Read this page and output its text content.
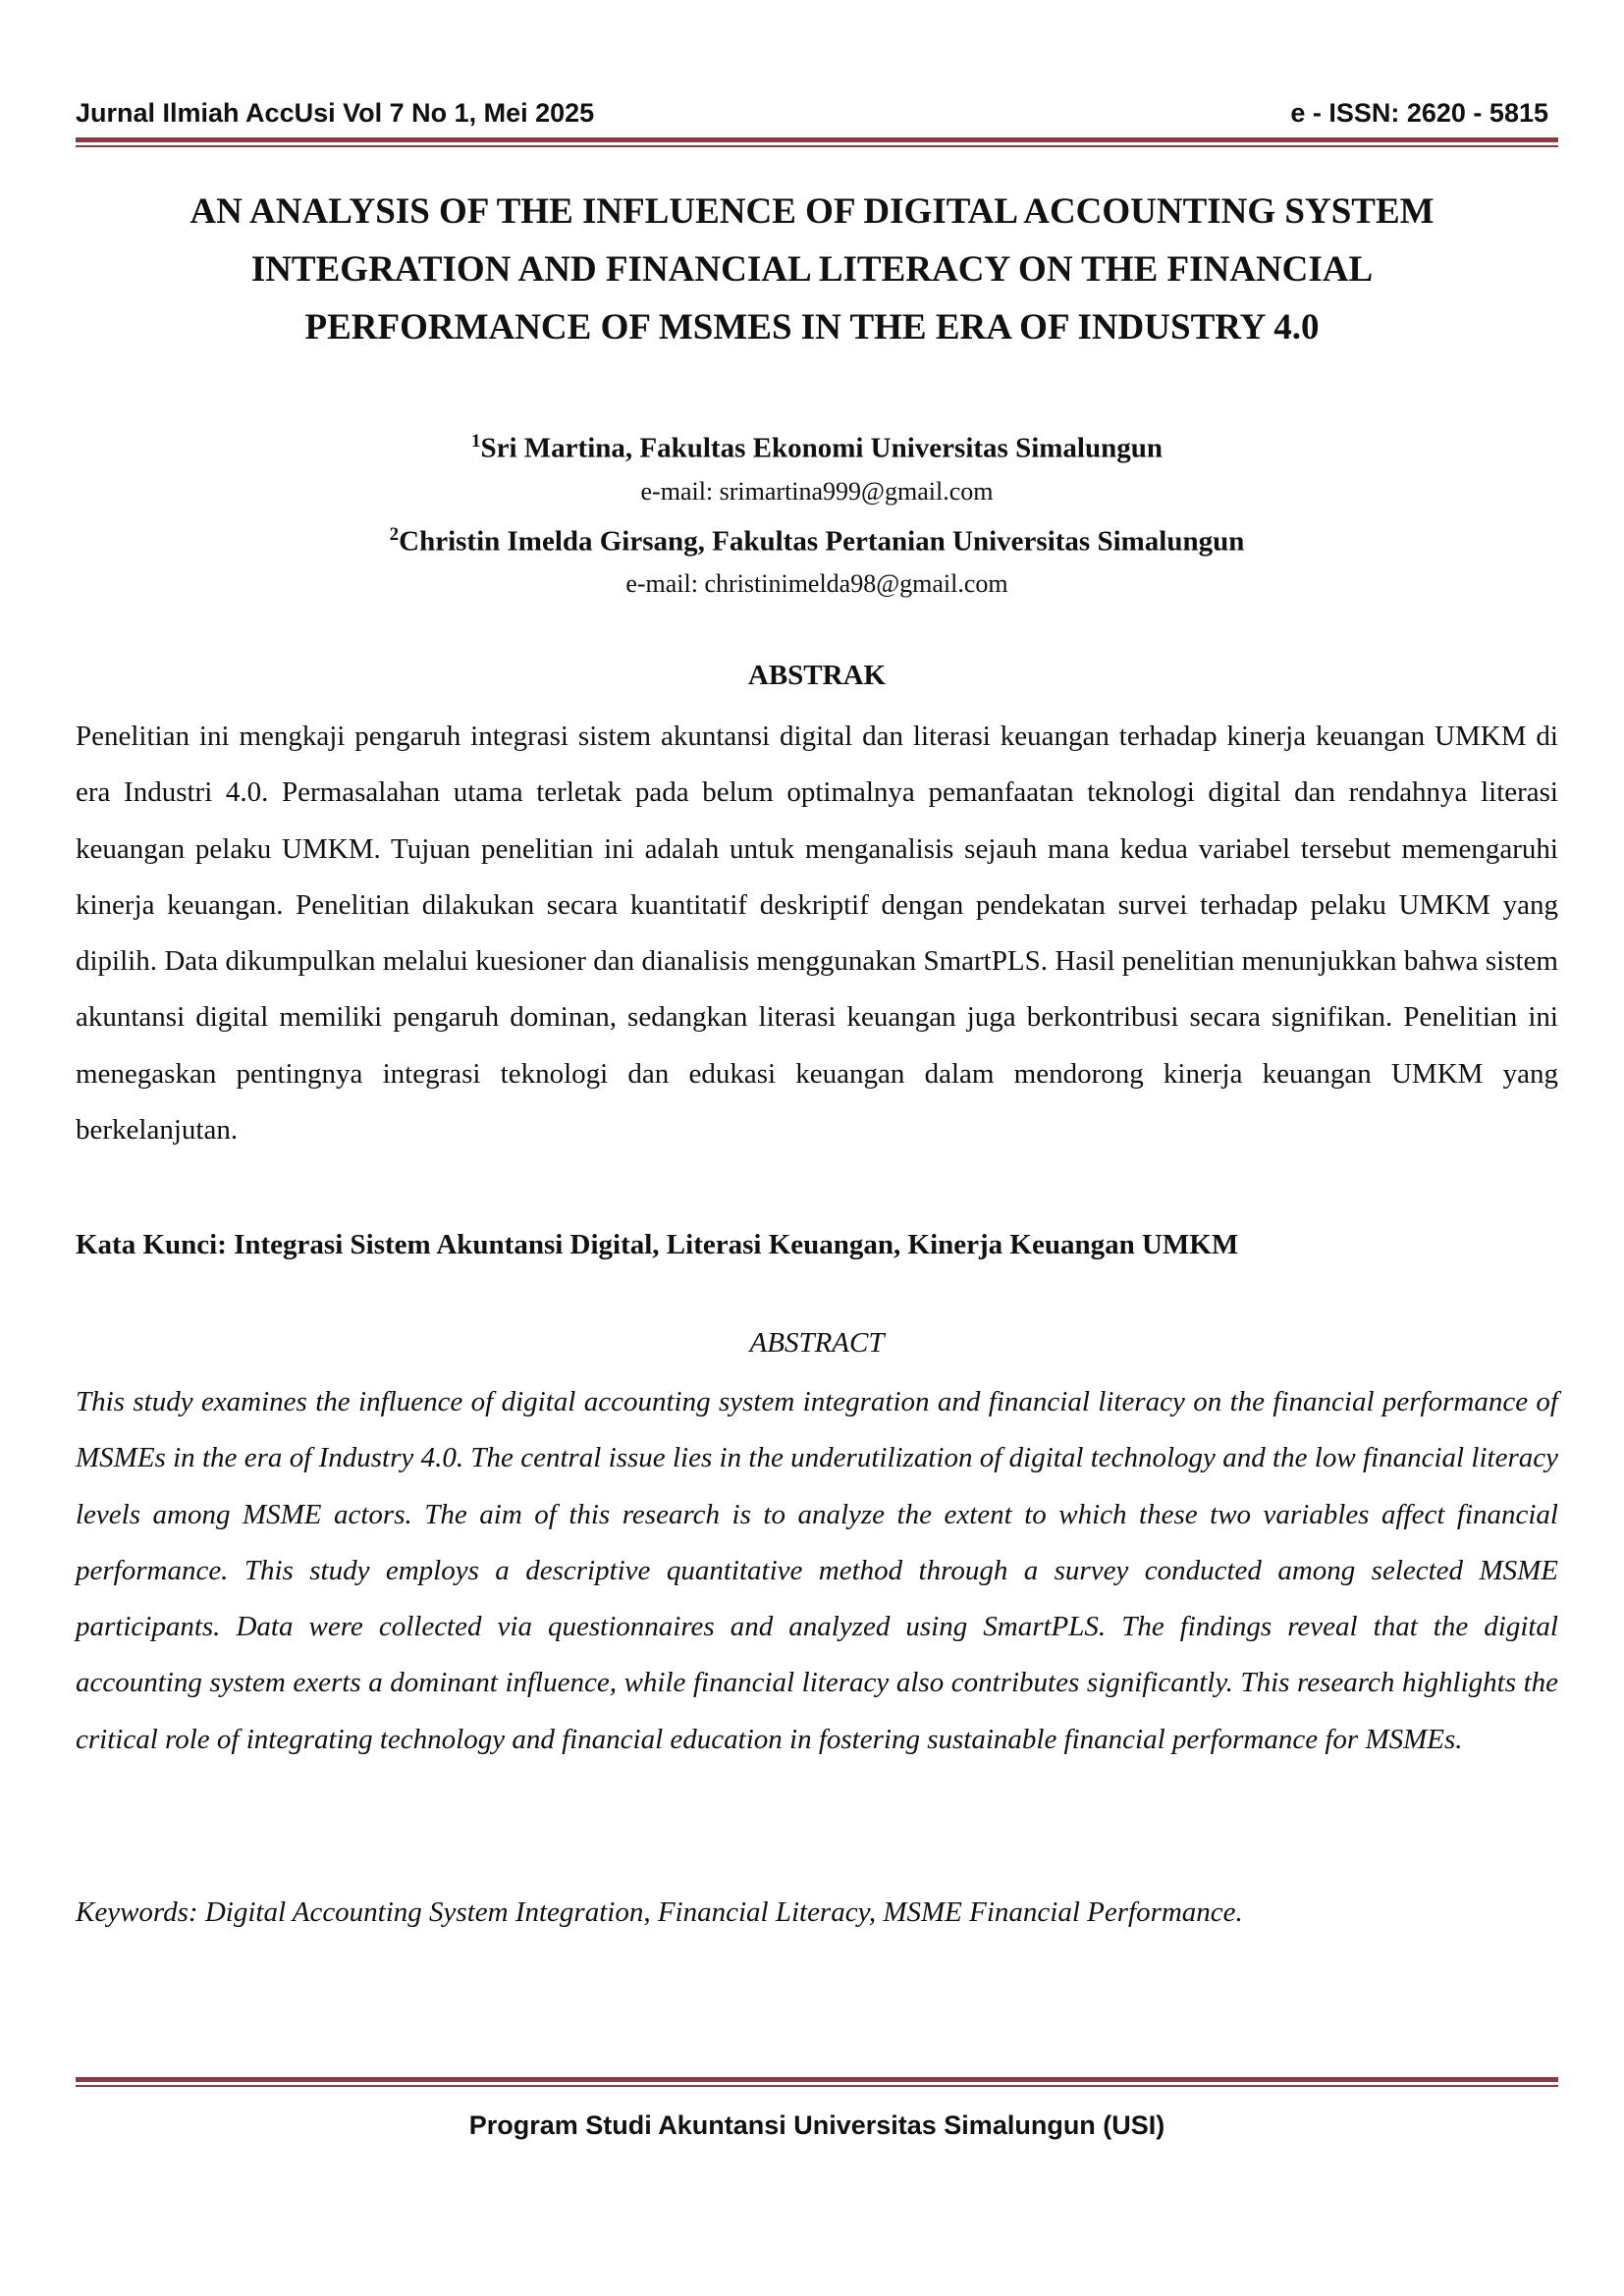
Jurnal Ilmiah AccUsi Vol 7 No 1, Mei 2025	e - ISSN: 2620 - 5815
AN ANALYSIS OF THE INFLUENCE OF DIGITAL ACCOUNTING SYSTEM
INTEGRATION AND FINANCIAL LITERACY ON THE FINANCIAL
PERFORMANCE OF MSMES IN THE ERA OF INDUSTRY 4.0
$^1$Sri Martina, Fakultas Ekonomi Universitas Simalungun
e-mail: srimartina999@gmail.com
$^2$Christin Imelda Girsang, Fakultas Pertanian Universitas Simalungun
e-mail: christinimelda98@gmail.com
ABSTRAK

Penelitian ini mengkaji pengaruh integrasi sistem akuntansi digital dan literasi keuangan terhadap kinerja keuangan UMKM di era Industri 4.0. Permasalahan utama terletak pada belum optimalnya pemanfaatan teknologi digital dan rendahnya literasi keuangan pelaku UMKM. Tujuan penelitian ini adalah untuk menganalisis sejauh mana kedua variabel tersebut memengaruhi kinerja keuangan. Penelitian dilakukan secara kuantitatif deskriptif dengan pendekatan survei terhadap pelaku UMKM yang dipilih. Data dikumpulkan melalui kuesioner dan dianalisis menggunakan SmartPLS. Hasil penelitian menunjukkan bahwa sistem akuntansi digital memiliki pengaruh dominan, sedangkan literasi keuangan juga berkontribusi secara signifikan. Penelitian ini menegaskan pentingnya integrasi teknologi dan edukasi keuangan dalam mendorong kinerja keuangan UMKM yang berkelanjutan.

Kata Kunci: Integrasi Sistem Akuntansi Digital, Literasi Keuangan, Kinerja Keuangan UMKM
ABSTRACT

This study examines the influence of digital accounting system integration and financial literacy on the financial performance of MSMEs in the era of Industry 4.0. The central issue lies in the underutilization of digital technology and the low financial literacy levels among MSME actors. The aim of this research is to analyze the extent to which these two variables affect financial performance. This study employs a descriptive quantitative method through a survey conducted among selected MSME participants. Data were collected via questionnaires and analyzed using SmartPLS. The findings reveal that the digital accounting system exerts a dominant influence, while financial literacy also contributes significantly. This research highlights the critical role of integrating technology and financial education in fostering sustainable financial performance for MSMEs.

Keywords: Digital Accounting System Integration, Financial Literacy, MSME Financial Performance.
Program Studi Akuntansi Universitas Simalungun (USI)
